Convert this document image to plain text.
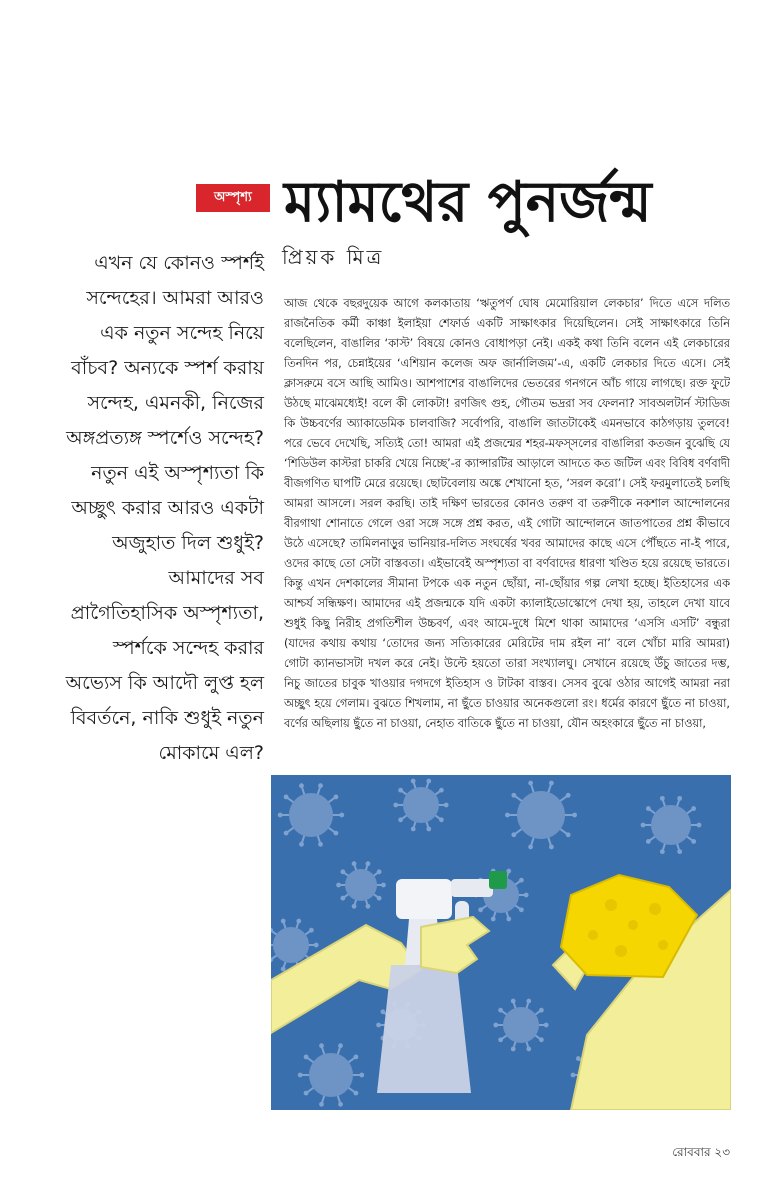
অস্পৃশ্য ম্যামথের পুনর্জন্ম
প্রিয়ক মিত্র
এখন যে কোনও স্পর্শই সন্দেহের। আমরা আরও এক নতুন সন্দেহ নিয়ে বাঁচব? অন্যকে স্পর্শ করায় সন্দেহ, এমনকী, নিজের অঙ্গপ্রত্যঙ্গ স্পর্শেও সন্দেহ? নতুন এই অস্পৃশ্যতা কি অচ্ছুৎ করার আরও একটা অজুহাত দিল শুধুই? আমাদের সব প্রাগৈতিহাসিক অস্পৃশ্যতা, স্পর্শকে সন্দেহ করার অভ্যেস কি আদৌ লুপ্ত হল বিবর্তনে, নাকি শুধুই নতুন মোকামে এল?
আজ থেকে বছরদুয়েক আগে কলকাতায় ‘ঋতুপর্ণ ঘোষ মেমোরিয়াল লেকচার’ দিতে এসে দলিত রাজনৈতিক কর্মী কাঞ্চা ইলাইয়া শেফার্ড একটি সাক্ষাৎকার দিয়েছিলেন। সেই সাক্ষাৎকারে তিনি বলেছিলেন, বাঙালির ‘কাস্ট’ বিষয়ে কোনও বোধাপড়া নেই। একই কথা তিনি বলেন এই লেকচারের তিনদিন পর, চেন্নাইয়ের ‘এশিয়ান কলেজ অফ জার্নালিজম’-এ, একটি লেকচার দিতে এসে। সেই ক্লাসরুমে বসে আছি আমিও। আশপাশের বাঙালিদের ভেতরের গনগনে আঁচ গায়ে লাগছে। রক্ত ফুটে উঠছে মাঝেমধ্যেই! বলে কী লোকটা! রণজিৎ গুহ, গৌতম ভদ্ররা সব ফেলনা? সাবঅলটার্ন স্টাডিজ কি উচ্চবর্ণের অ্যাকাডেমিক চালবাজি? সর্বোপরি, বাঙালি জাতটাকেই এমনভাবে কাঠগড়ায় তুলবে! পরে ভেবে দেখেছি, সত্যিই তো! আমরা এই প্রজন্মের শহর-মফস্সলের বাঙালিরা কতজন বুঝেছি যে ‘শিডিউল কাস্টরা চাকরি খেয়ে নিচ্ছে’-র ক্যান্সারটির আড়ালে আদতে কত জটিল এবং বিবিধ বর্ণবাদী বীজগণিত ঘাপটি মেরে রয়েছে। ছোটবেলায় অঙ্কে শেখানো হত, ‘সরল করো’। সেই ফরমুলাতেই চলছি আমরা আসলে। সরল করছি। তাই দক্ষিণ ভারতের কোনও তরুণ বা তরুণীকে নকশাল আন্দোলনের বীরগাথা শোনাতে গেলে ওরা সঙ্গে সঙ্গে প্রশ্ন করত, এই গোটা আন্দোলনে জাতপাতের প্রশ্ন কীভাবে উঠে এসেছে? তামিলনাড়ুর ভানিয়ার-দলিত সংঘর্ষের খবর আমাদের কাছে এসে পৌঁছতে না-ই পারে, ওদের কাছে তো সেটা বাস্তবতা। এইভাবেই অস্পৃশ্যতা বা বর্ণবাদের ধারণা খণ্ডিত হয়ে রয়েছে ভারতে। কিন্তু এখন দেশকালের সীমানা টপকে এক নতুন ছোঁয়া, না-ছোঁয়ার গল্প লেখা হচ্ছে। ইতিহাসের এক আশ্চর্য সন্ধিক্ষণ। আমাদের এই প্রজন্মকে যদি একটা ক্যালাইডোস্কোপে দেখা হয়, তাহলে দেখা যাবে শুধুই কিছু নিরীহ প্রগতিশীল উচ্চবর্ণ, এবং আমে-দুধে মিশে থাকা আমাদের ‘এসসি এসটি’ বন্ধুরা (যাদের কথায় কথায় ‘তোদের জন্য সত্যিকারের মেরিটের দাম রইল না’ বলে খোঁচা মারি আমরা) গোটা ক্যানভাসটা দখল করে নেই। উল্টে হয়তো তারা সংখ্যালঘু। সেখানে রয়েছে উঁচু জাতের দম্ভ, নিচু জাতের চাবুক খাওয়ার দগদগে ইতিহাস ও টাটকা বাস্তব। সেসব বুঝে ওঠার আগেই আমরা নরা অচ্ছুৎ হয়ে গেলাম। বুঝতে শিখলাম, না ছুঁতে চাওয়ার অনেকগুলো রং। ধর্মের কারণে ছুঁতে না চাওয়া, বর্ণের অছিলায় ছুঁতে না চাওয়া, নেহাত বাতিকে ছুঁতে না চাওয়া, যৌন অহংকারে ছুঁতে না চাওয়া,
রোববার ২৩
